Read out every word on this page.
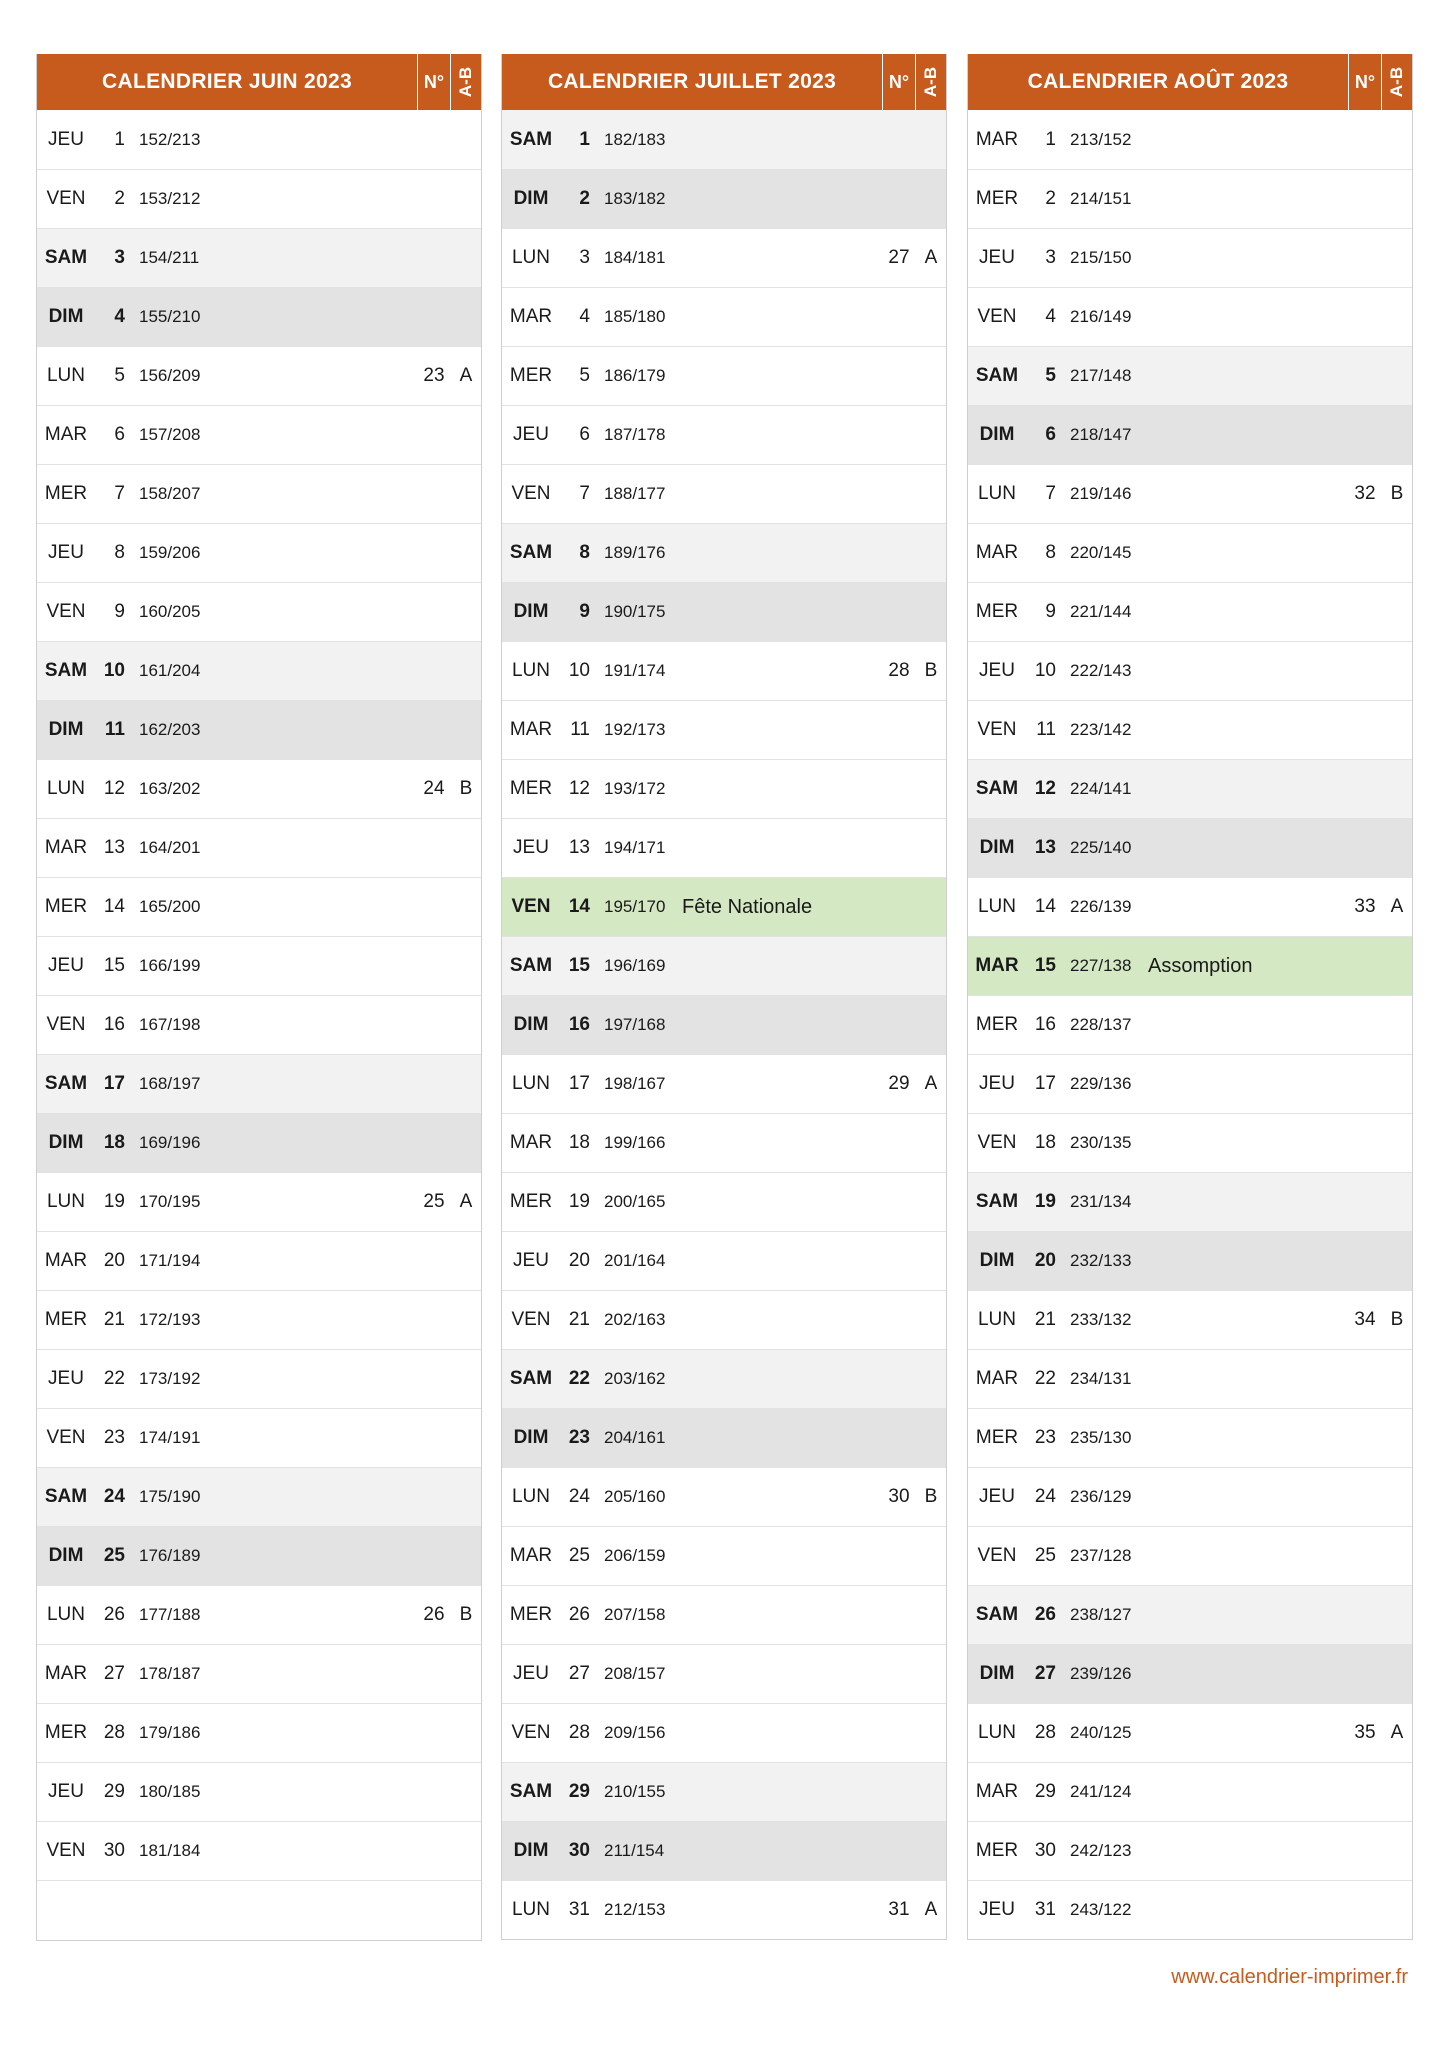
CALENDRIER JUIN 2023	N° A-B
JEU	1 152/213
VEN	2 153/212
SAM	3 154/211
DIM	4 155/210
LUN	5 156/209	23 A
MAR	6 157/208
MER	7 158/207
JEU	8 159/206
VEN	9 160/205
SAM 10 161/204
DIM	11 162/203
LUN 12 163/202	24 B
MAR 13 164/201
MER 14 165/200
JEU	15 166/199
VEN 16 167/198
SAM 17 168/197
DIM	18 169/196
LUN 19 170/195	25 A
MAR 20 171/194
MER 21 172/193
JEU	22 173/192
VEN 23 174/191
SAM 24 175/190
DIM	25 176/189
LUN 26 177/188	26 B
MAR 27 178/187
MER 28 179/186
JEU	29 180/185
VEN 30 181/184
CALENDRIER JUILLET 2023	N° A-B
SAM	1 182/183
DIM	2 183/182
LUN	3 184/181	27 A
MAR	4 185/180
MER	5 186/179
JEU	6 187/178
VEN	7 188/177
SAM	8 189/176
DIM	9 190/175
LUN 10 191/174	28 B
MAR 11 192/173
MER 12 193/172
JEU	13 194/171
VEN 14 195/170 Fête Nationale
SAM 15 196/169
DIM	16 197/168
LUN 17 198/167	29 A
MAR 18 199/166
MER 19 200/165
JEU	20 201/164
VEN 21 202/163
SAM 22 203/162
DIM	23 204/161
LUN 24 205/160	30 B
MAR 25 206/159
MER 26 207/158
JEU	27 208/157
VEN 28 209/156
SAM 29 210/155
DIM	30 211/154
LUN 31 212/153	31 A
CALENDRIER AOÛT 2023	N° A-B
MAR	1 213/152
MER	2 214/151
JEU	3 215/150
VEN	4 216/149
SAM	5 217/148
DIM	6 218/147
LUN	7 219/146	32 B
MAR	8 220/145
MER	9 221/144
JEU	10 222/143
VEN	11 223/142
SAM 12 224/141
DIM	13 225/140
LUN 14 226/139	33 A
MAR 15 227/138 Assomption
MER 16 228/137
JEU	17 229/136
VEN 18 230/135
SAM 19 231/134
DIM	20 232/133
LUN 21 233/132	34 B
MAR 22 234/131
MER 23 235/130
JEU	24 236/129
VEN 25 237/128
SAM 26 238/127
DIM	27 239/126
LUN 28 240/125	35 A
MAR 29 241/124
MER 30 242/123
JEU	31 243/122
www.calendrier-imprimer.fr
